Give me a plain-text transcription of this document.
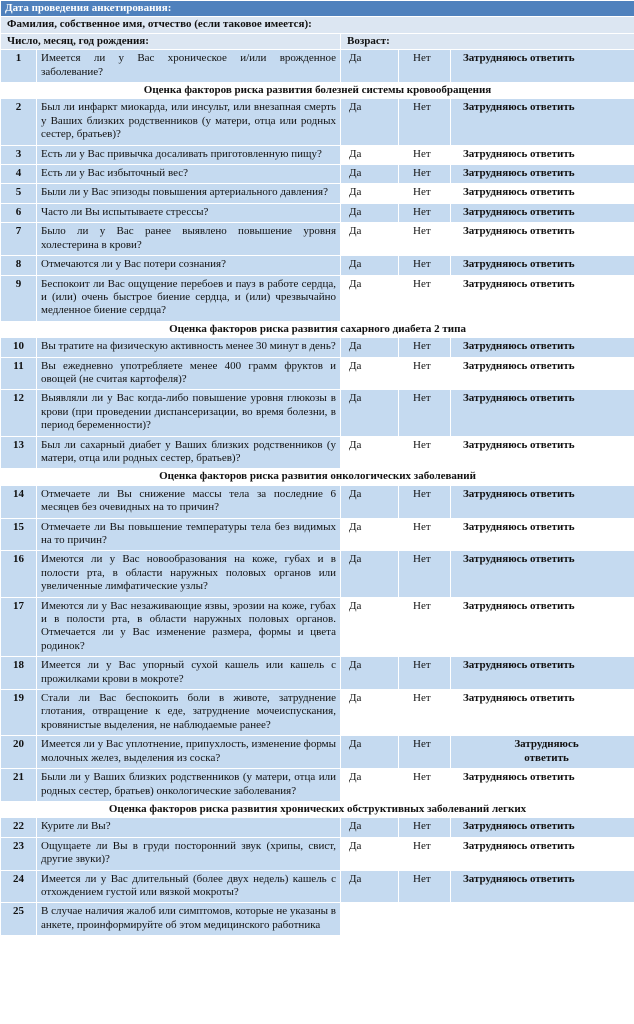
Дата проведения анкетирования:				
Фамилия, собственное имя, отчество (если таковое имеется):				
Число, месяц, год рождения:		Возраст:		
1	Имеется ли у Вас хроническое и/или врожденное заболевание?	Да	Нет	Затрудняюсь ответить
Оценка факторов риска развития болезней системы кровообращения				
2	Был ли инфаркт миокарда, или инсульт, или внезапная смерть у Ваших близких родственников (у матери, отца или родных сестер, братьев)?	Да	Нет	Затрудняюсь ответить
3	Есть ли у Вас привычка досаливать приготовленную пищу?	Да	Нет	Затрудняюсь ответить
4	Есть ли у Вас избыточный вес?	Да	Нет	Затрудняюсь ответить
5	Были ли у Вас эпизоды повышения артериального давления?	Да	Нет	Затрудняюсь ответить
6	Часто ли Вы испытываете стрессы?	Да	Нет	Затрудняюсь ответить
7	Было ли у Вас ранее выявлено повышение уровня холестерина в крови?	Да	Нет	Затрудняюсь ответить
8	Отмечаются ли у Вас потери сознания?	Да	Нет	Затрудняюсь ответить
9	Беспокоит ли Вас ощущение перебоев и пауз в работе сердца, и (или) очень быстрое биение сердца, и (или) чрезвычайно медленное биение сердца?	Да	Нет	Затрудняюсь ответить
Оценка факторов риска развития сахарного диабета 2 типа				
10	Вы тратите на физическую активность менее 30 минут в день?	Да	Нет	Затрудняюсь ответить
11	Вы ежедневно употребляете менее 400 грамм фруктов и овощей (не считая картофеля)?	Да	Нет	Затрудняюсь ответить
12	Выявляли ли у Вас когда-либо повышение уровня глюкозы в крови (при проведении диспансеризации, во время болезни, в период беременности)?	Да	Нет	Затрудняюсь ответить
13	Был ли сахарный диабет у Ваших близких родственников (у матери, отца или родных сестер, братьев)?	Да	Нет	Затрудняюсь ответить
Оценка факторов риска развития онкологических заболеваний				
14	Отмечаете ли Вы снижение массы тела за последние 6 месяцев без очевидных на то причин?	Да	Нет	Затрудняюсь ответить
15	Отмечаете ли Вы повышение температуры тела без видимых на то причин?	Да	Нет	Затрудняюсь ответить
16	Имеются ли у Вас новообразования на коже, губах и в полости рта, в области наружных половых органов или увеличенные лимфатические узлы?	Да	Нет	Затрудняюсь ответить
17	Имеются ли у Вас незаживающие язвы, эрозии на коже, губах и в полости рта, в области наружных половых органов. Отмечается ли у Вас изменение размера, формы и цвета родинок?	Да	Нет	Затрудняюсь ответить
18	Имеется ли у Вас упорный сухой кашель или кашель с прожилками крови в мокроте?	Да	Нет	Затрудняюсь ответить
19	Стали ли Вас беспокоить боли в животе, затруднение глотания, отвращение к еде, затруднение мочеиспускания, кровянистые выделения, не наблюдаемые ранее?	Да	Нет	Затрудняюсь ответить
20	Имеется ли у Вас уплотнение, припухлость, изменение формы молочных желез, выделения из соска?	Да	Нет	Затрудняюсь
ответить
21	Были ли у Ваших близких родственников (у матери, отца или родных сестер, братьев) онкологические заболевания?	Да	Нет	Затрудняюсь ответить
Оценка факторов риска развития хронических обструктивных заболеваний легких				
22	Курите ли Вы?	Да	Нет	Затрудняюсь ответить
23	Ощущаете ли Вы в груди посторонний звук (хрипы, свист, другие звуки)?	Да	Нет	Затрудняюсь ответить
24	Имеется ли у Вас длительный (более двух недель) кашель с отхождением густой или вязкой мокроты?	Да	Нет	Затрудняюсь ответить
25	В случае наличия жалоб или симптомов, которые не указаны в анкете, проинформируйте об этом медицинского работника			
